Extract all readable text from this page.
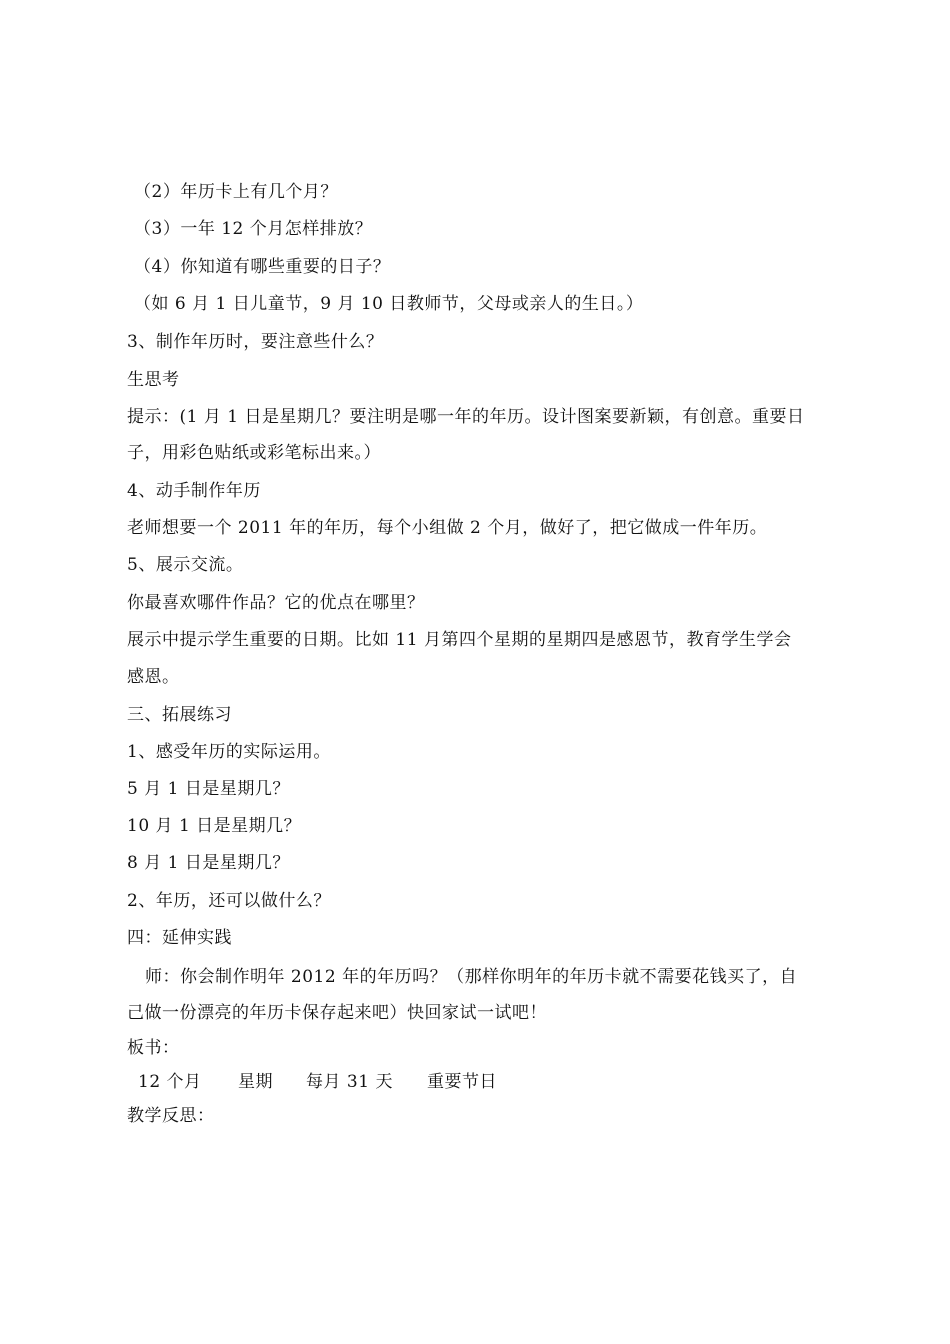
（2）年历卡上有几个月？
（3）一年 12 个月怎样排放？
（4）你知道有哪些重要的日子？
（如 6 月 1 日儿童节，9 月 10 日教师节，父母或亲人的生日。）
3、制作年历时，要注意些什么？
生思考
提示：(1 月 1 日是星期几？要注明是哪一年的年历。设计图案要新颖，有创意。重要日
子，用彩色贴纸或彩笔标出来。）
4、动手制作年历
老师想要一个 2011 年的年历，每个小组做 2 个月，做好了，把它做成一件年历。
5、展示交流。
你最喜欢哪件作品？它的优点在哪里？
展示中提示学生重要的日期。比如 11 月第四个星期的星期四是感恩节，教育学生学会
感恩。
三、拓展练习
1、感受年历的实际运用。
5 月 1 日是星期几？
10 月 1 日是星期几？
8 月 1 日是星期几？
2、年历，还可以做什么？
四：延伸实践
师：你会制作明年 2012 年的年历吗？（那样你明年的年历卡就不需要花钱买了，自
己做一份漂亮的年历卡保存起来吧）快回家试一试吧！
板书：
12 个月 星期 每月 31 天 重要节日
教学反思：
